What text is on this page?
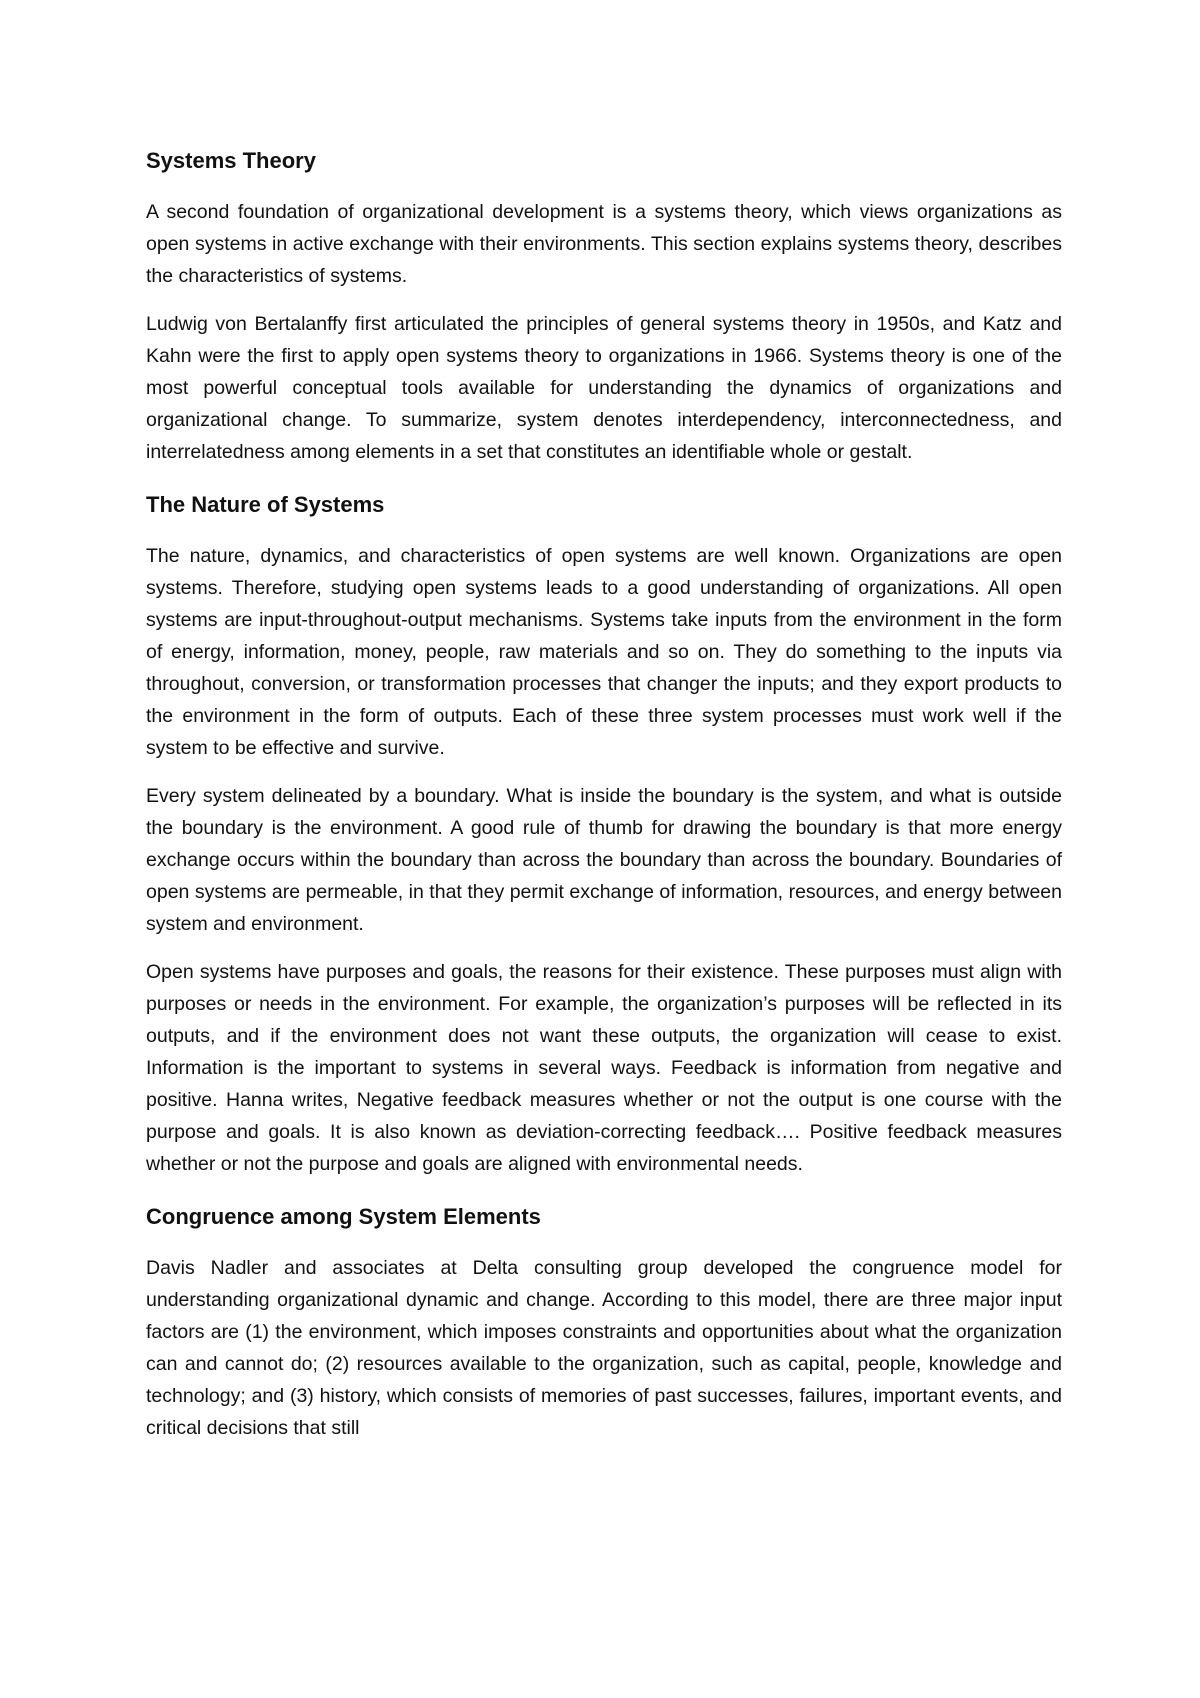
Systems Theory

A second foundation of organizational development is a systems theory, which views organizations as open systems in active exchange with their environments. This section explains systems theory, describes the characteristics of systems.

Ludwig von Bertalanffy first articulated the principles of general systems theory in 1950s, and Katz and Kahn were the first to apply open systems theory to organizations in 1966. Systems theory is one of the most powerful conceptual tools available for understanding the dynamics of organizations and organizational change. To summarize, system denotes interdependency, interconnectedness, and interrelatedness among elements in a set that constitutes an identifiable whole or gestalt.

The Nature of Systems

The nature, dynamics, and characteristics of open systems are well known. Organizations are open systems. Therefore, studying open systems leads to a good understanding of organizations. All open systems are input-throughout-output mechanisms. Systems take inputs from the environment in the form of energy, information, money, people, raw materials and so on. They do something to the inputs via throughout, conversion, or transformation processes that changer the inputs; and they export products to the environment in the form of outputs. Each of these three system processes must work well if the system to be effective and survive.

Every system delineated by a boundary. What is inside the boundary is the system, and what is outside the boundary is the environment. A good rule of thumb for drawing the boundary is that more energy exchange occurs within the boundary than across the boundary than across the boundary. Boundaries of open systems are permeable, in that they permit exchange of information, resources, and energy between system and environment.

Open systems have purposes and goals, the reasons for their existence. These purposes must align with purposes or needs in the environment. For example, the organization’s purposes will be reflected in its outputs, and if the environment does not want these outputs, the organization will cease to exist. Information is the important to systems in several ways. Feedback is information from negative and positive. Hanna writes, Negative feedback measures whether or not the output is one course with the purpose and goals. It is also known as deviation-correcting feedback…. Positive feedback measures whether or not the purpose and goals are aligned with environmental needs.

Congruence among System Elements

Davis Nadler and associates at Delta consulting group developed the congruence model for understanding organizational dynamic and change. According to this model, there are three major input factors are (1) the environment, which imposes constraints and opportunities about what the organization can and cannot do; (2) resources available to the organization, such as capital, people, knowledge and technology; and (3) history, which consists of memories of past successes, failures, important events, and critical decisions that still
